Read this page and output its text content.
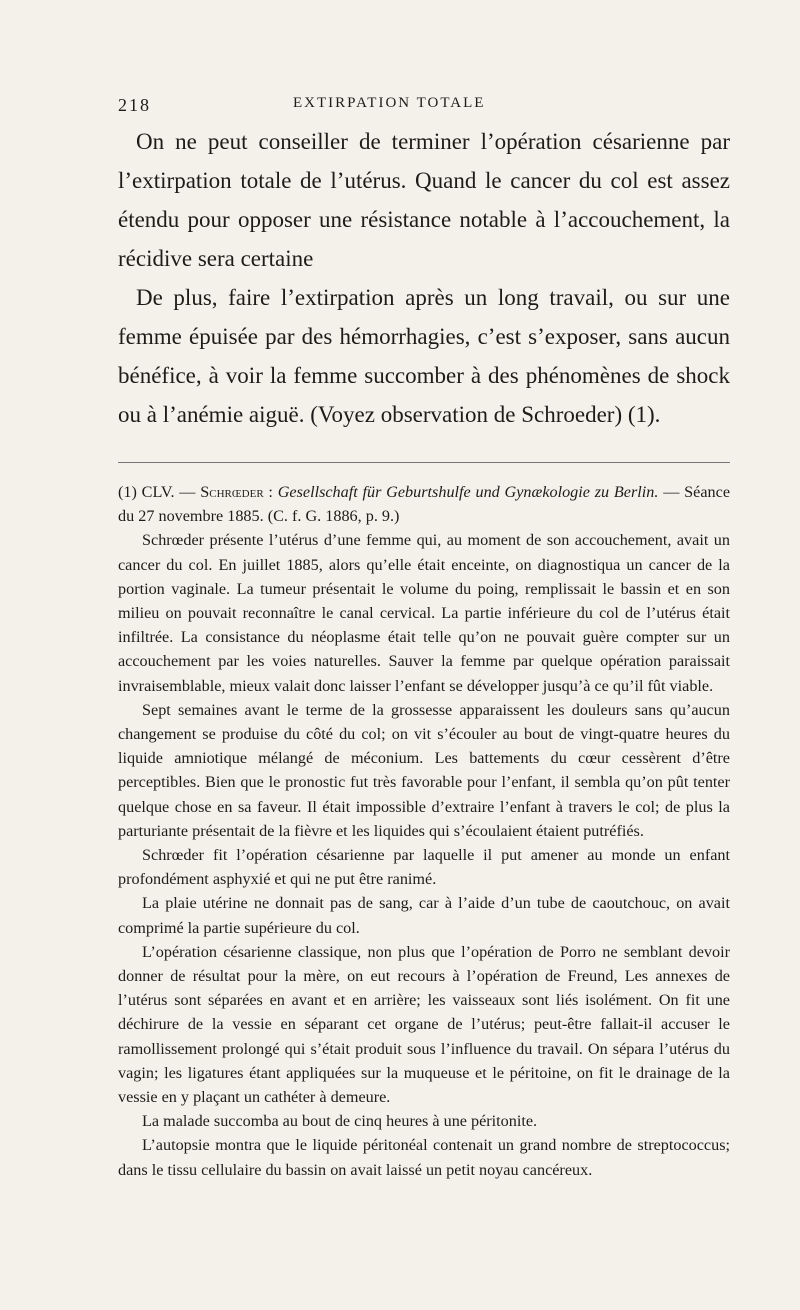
218	EXTIRPATION TOTALE

On ne peut conseiller de terminer l’opération césarienne par l’extirpation totale de l’utérus. Quand le cancer du col est assez étendu pour opposer une résistance notable à l’accouchement, la récidive sera certaine

De plus, faire l’extirpation après un long travail, ou sur une femme épuisée par des hémorrhagies, c’est s’exposer, sans aucun bénéfice, à voir la femme succomber à des phénomènes de shock ou à l’anémie aiguë. (Voyez observation de Schroeder) (1).

(1) CLV. — Schrœder : Gesellschaft für Geburtshulfe und Gynækologie zu Berlin. — Séance du 27 novembre 1885. (C. f. G. 1886, p. 9.)

Schrœder présente l’utérus d’une femme qui, au moment de son accouchement, avait un cancer du col. En juillet 1885, alors qu’elle était enceinte, on diagnostiqua un cancer de la portion vaginale. La tumeur présentait le volume du poing, remplissait le bassin et en son milieu on pouvait reconnaître le canal cervical. La partie inférieure du col de l’utérus était infiltrée. La consistance du néoplasme était telle qu’on ne pouvait guère compter sur un accouchement par les voies naturelles. Sauver la femme par quelque opération paraissait invraisemblable, mieux valait donc laisser l’enfant se développer jusqu’à ce qu’il fût viable.

Sept semaines avant le terme de la grossesse apparaissent les douleurs sans qu’aucun changement se produise du côté du col; on vit s’écouler au bout de vingt-quatre heures du liquide amniotique mélangé de méconium. Les battements du cœur cessèrent d’être perceptibles. Bien que le pronostic fut très favorable pour l’enfant, il sembla qu’on pût tenter quelque chose en sa faveur. Il était impossible d’extraire l’enfant à travers le col; de plus la parturiante présentait de la fièvre et les liquides qui s’écoulaient étaient putréfiés.

Schrœder fit l’opération césarienne par laquelle il put amener au monde un enfant profondément asphyxié et qui ne put être ranimé.

La plaie utérine ne donnait pas de sang, car à l’aide d’un tube de caoutchouc, on avait comprimé la partie supérieure du col.

L’opération césarienne classique, non plus que l’opération de Porro ne semblant devoir donner de résultat pour la mère, on eut recours à l’opération de Freund, Les annexes de l’utérus sont séparées en avant et en arrière; les vaisseaux sont liés isolément. On fit une déchirure de la vessie en séparant cet organe de l’utérus; peut-être fallait-il accuser le ramollissement prolongé qui s’était produit sous l’influence du travail. On sépara l’utérus du vagin; les ligatures étant appliquées sur la muqueuse et le péritoine, on fit le drainage de la vessie en y plaçant un cathéter à demeure.

La malade succomba au bout de cinq heures à une péritonite.

L’autopsie montra que le liquide péritonéal contenait un grand nombre de streptococcus; dans le tissu cellulaire du bassin on avait laissé un petit noyau cancéreux.
